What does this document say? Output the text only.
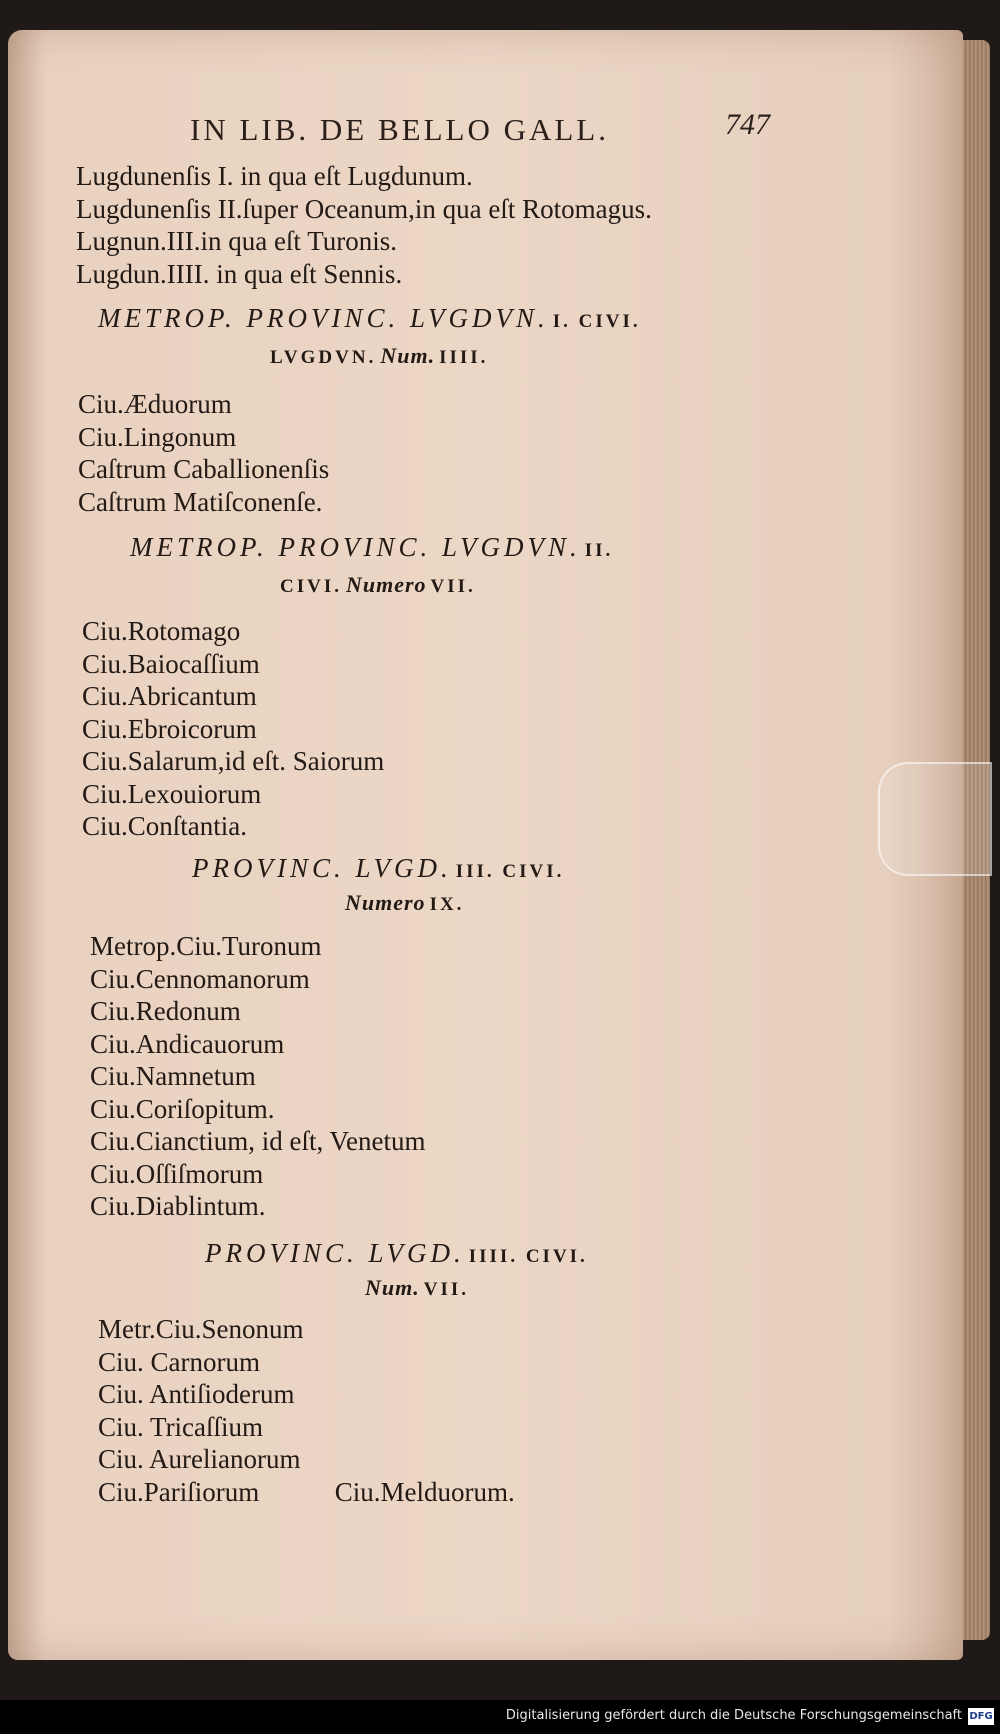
IN LIB. DE BELLO GALL.	747
Lugdunenſis I. in qua eſt Lugdunum.
Lugdunenſis II.ſuper Oceanum,in qua eſt Rotomagus.
Lugnun.III.in qua eſt Turonis.
Lugdun.IIII. in qua eſt Sennis.
METROP. PROVINC. LVGDVN. I. CIVI.
LVGDVN. Num. IIII.
Ciu.Æduorum
Ciu.Lingonum
Caſtrum Caballionenſis
Caſtrum Matiſconenſe.
METROP. PROVINC. LVGDVN. II.
CIVI. Numero VII.
Ciu.Rotomago
Ciu.Baiocaſſium
Ciu.Abricantum
Ciu.Ebroicorum
Ciu.Salarum,id eſt. Saiorum
Ciu.Lexouiorum
Ciu.Conſtantia.
PROVINC. LVGD. III. CIVI.
Numero IX.
Metrop.Ciu.Turonum
Ciu.Cennomanorum
Ciu.Redonum
Ciu.Andicauorum
Ciu.Namnetum
Ciu.Coriſopitum.
Ciu.Cianctium, id eſt, Venetum
Ciu.Oſſiſmorum
Ciu.Diablintum.
PROVINC. LVGD. IIII. CIVI.
Num. VII.
Metr.Ciu.Senonum
Ciu. Carnorum
Ciu. Antiſioderum
Ciu. Tricaſſium
Ciu. Aurelianorum
Ciu.Pariſiorum	Ciu.Melduorum.
Digitalisierung gefördert durch die Deutsche Forschungsgemeinschaft DFG
